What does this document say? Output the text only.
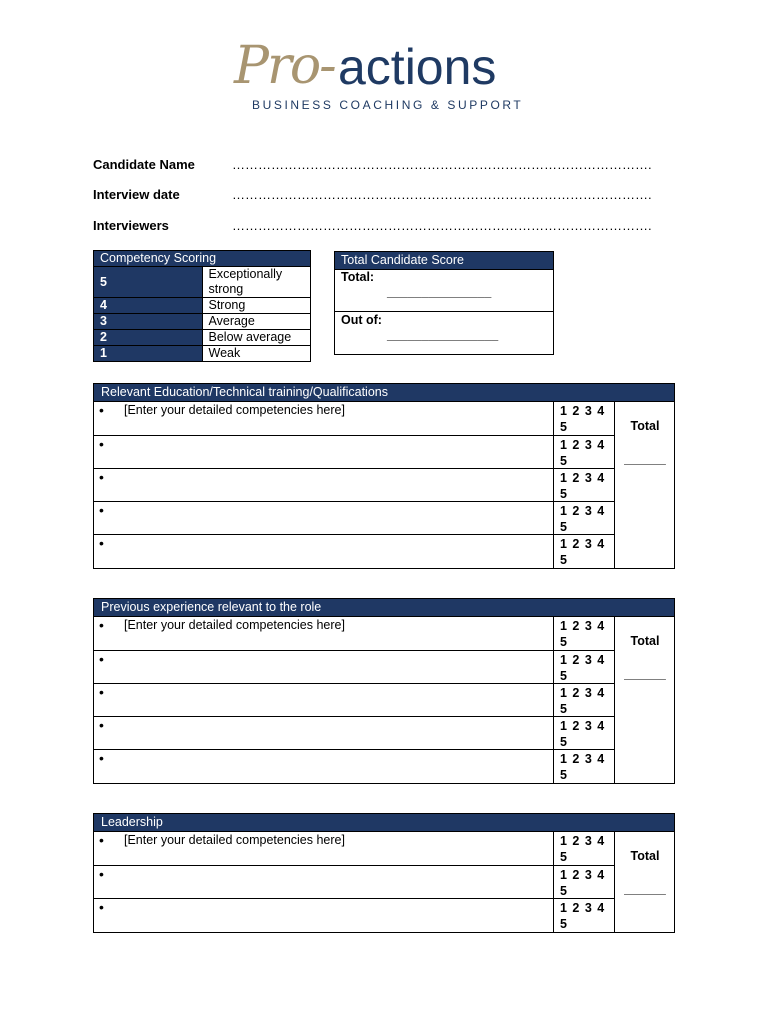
Pro- actions
BUSINESS COACHING & SUPPORT
Candidate Name	…………………………………………………………………………………….
Interview date	…………………………………………………………………………………….
Interviewers	…………………………………………………………………………………….
Competency Scoring	
5	Exceptionally strong
4	Strong
3	Average
2	Below average
1	Weak
Total Candidate Score
Total:
_______________
Out of:
________________
Relevant Education/Technical training/Qualifications
• [Enter your detailed competencies here]	1 2 3 4 5
•	1 2 3 4 5
•	1 2 3 4 5
•	1 2 3 4 5
•	1 2 3 4 5
Total
______
Previous experience relevant to the role
• [Enter your detailed competencies here]	1 2 3 4 5
•	1 2 3 4 5
•	1 2 3 4 5
•	1 2 3 4 5
•	1 2 3 4 5
Total
______
Leadership
• [Enter your detailed competencies here]	1 2 3 4 5
•	1 2 3 4 5
•	1 2 3 4 5
Total
______
